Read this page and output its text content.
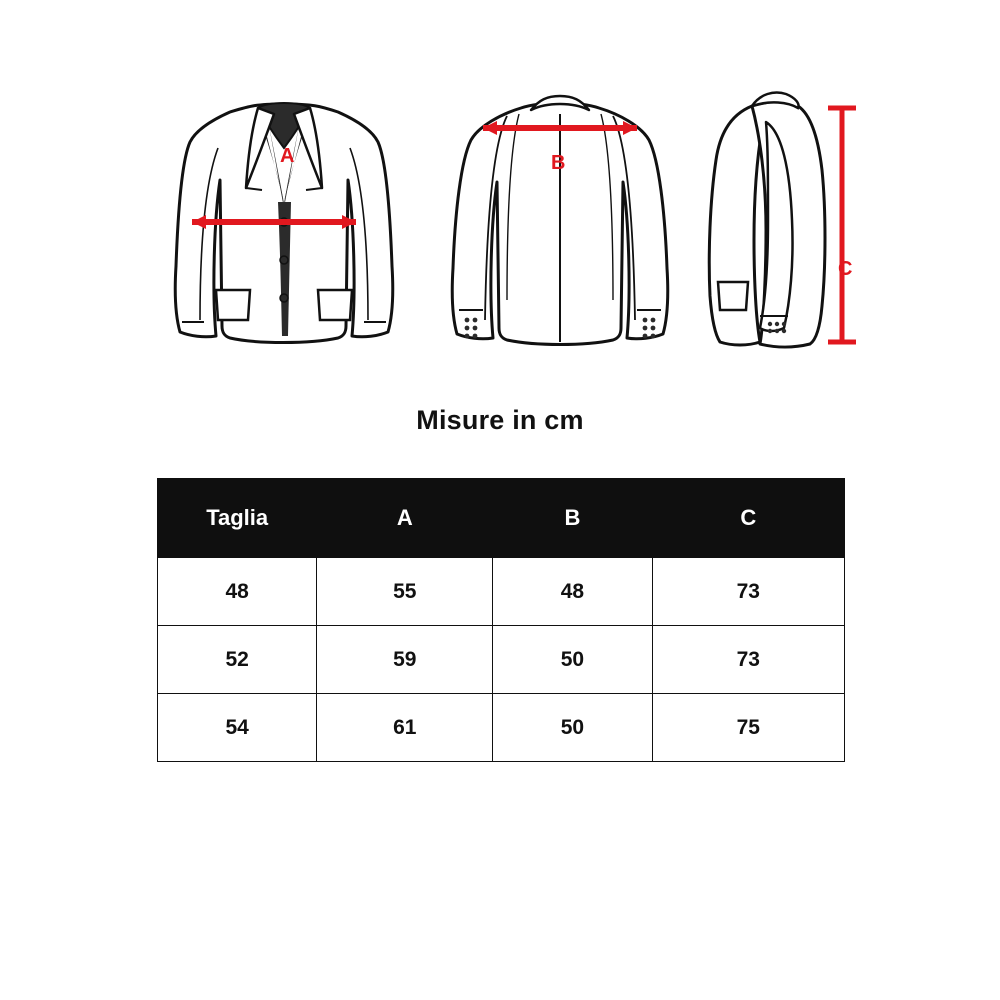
A	B
C
Misure in cm
Taglia	A	B	C
48	55	48	73
52	59	50	73
54	61	50	75
